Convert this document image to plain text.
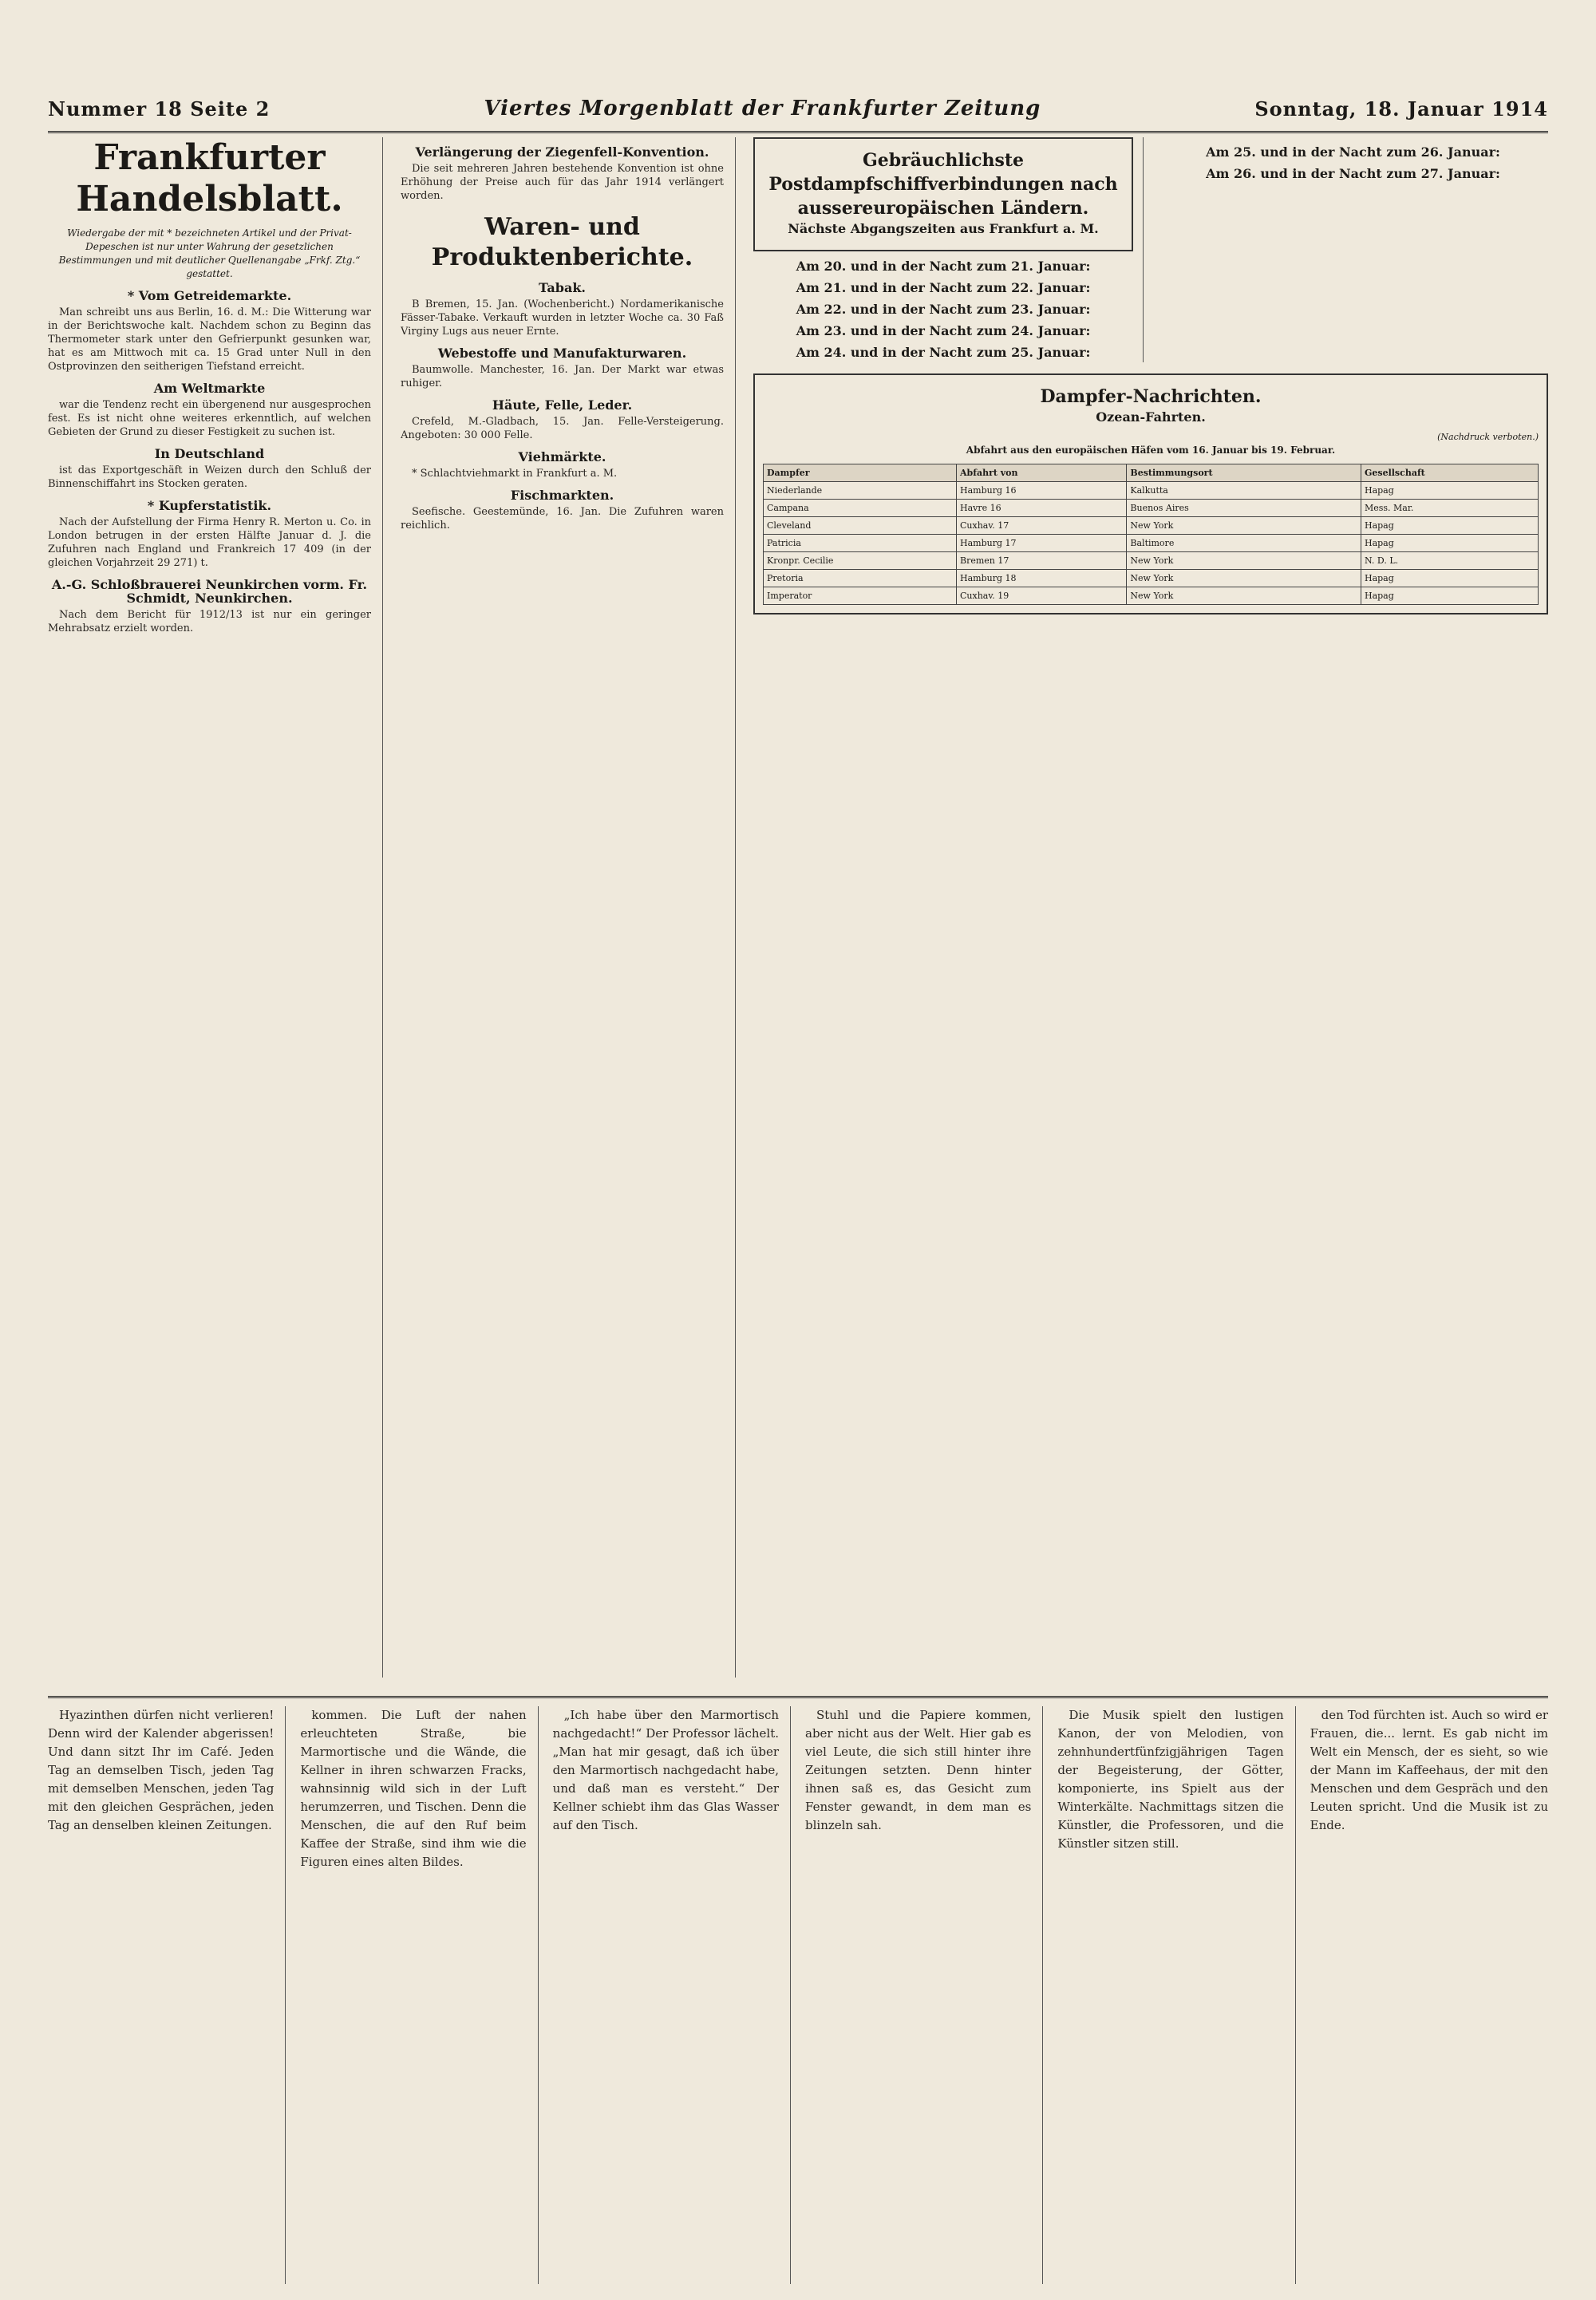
Nummer 18 Seite 2	Viertes Morgenblatt der Frankfurter Zeitung	Sonntag, 18. Januar 1914
Frankfurter Handelsblatt.
Wiedergabe der mit * bezeichneten Artikel und der Privat-Depeschen ist nur unter Wahrung der gesetzlichen Bestimmungen und mit deutlicher Quellenangabe „Frkf. Ztg.“ gestattet.
* Vom Getreidemarkte.

Man schreibt uns aus Berlin, 16. d. M.: Die Witterung war in der Berichtswoche kalt. Nachdem schon zu Beginn das Thermometer stark unter den Gefrierpunkt gesunken war, hat es am Mittwoch mit ca. 15 Grad unter Null in den Ostprovinzen den seitherigen Tiefstand erreicht.

Am Weltmarkte

war die Tendenz recht ein übergenend nur ausgesprochen fest. Es ist nicht ohne weiteres erkenntlich, auf welchen Gebieten der Grund zu dieser Festigkeit zu suchen ist.

In Deutschland

ist das Exportgeschäft in Weizen durch den Schluß der Binnenschiffahrt ins Stocken geraten.

* Kupferstatistik.

Nach der Aufstellung der Firma Henry R. Merton u. Co. in London betrugen in der ersten Hälfte Januar d. J. die Zufuhren nach England und Frankreich 17 409 (in der gleichen Vorjahrzeit 29 271) t.

A.-G. Schloßbrauerei Neunkirchen vorm. Fr. Schmidt, Neunkirchen.

Nach dem Bericht für 1912/13 ist nur ein geringer Mehrabsatz erzielt worden.

Verlängerung der Ziegenfell-Konvention.

Die seit mehreren Jahren bestehende Konvention ist ohne Erhöhung der Preise auch für das Jahr 1914 verlängert worden.

Waren- und Produktenberichte.
Tabak.

B Bremen, 15. Jan. (Wochenbericht.) Nordamerikanische Fässer-Tabake. Verkauft wurden in letzter Woche ca. 30 Faß Virginy Lugs aus neuer Ernte.

Webestoffe und Manufakturwaren.

Baumwolle. Manchester, 16. Jan. Der Markt war etwas ruhiger.

Häute, Felle, Leder.

Crefeld, M.-Gladbach, 15. Jan. Felle-Versteigerung. Angeboten: 30 000 Felle.

Viehmärkte.

* Schlachtviehmarkt in Frankfurt a. M.

Fischmarkten.

Seefische. Geestemünde, 16. Jan. Die Zufuhren waren reichlich.

Gebräuchlichste Postdampfschiffverbindungen nach aussereuropäischen Ländern.
Nächste Abgangszeiten aus Frankfurt a. M.
Am 20. und in der Nacht zum 21. Januar:
Am 21. und in der Nacht zum 22. Januar:
Am 22. und in der Nacht zum 23. Januar:
Am 23. und in der Nacht zum 24. Januar:
Am 24. und in der Nacht zum 25. Januar:
Am 25. und in der Nacht zum 26. Januar:
Am 26. und in der Nacht zum 27. Januar:
Dampfer-Nachrichten.
Ozean-Fahrten.
(Nachdruck verboten.)
Abfahrt aus den europäischen Häfen vom 16. Januar bis 19. Februar.
Dampfer	Abfahrt von	Bestimmungsort	Gesellschaft
Niederlande	Hamburg 16	Kalkutta	Hapag
Campana	Havre 16	Buenos Aires	Mess. Mar.
Cleveland	Cuxhav. 17	New York	Hapag
Patricia	Hamburg 17	Baltimore	Hapag
Kronpr. Cecilie	Bremen 17	New York	N. D. L.
Pretoria	Hamburg 18	New York	Hapag
Imperator	Cuxhav. 19	New York	Hapag

Hyazinthen dürfen nicht verlieren! Denn wird der Kalender abgerissen! Und dann sitzt Ihr im Café. Jeden Tag an demselben Tisch, jeden Tag mit demselben Menschen, jeden Tag mit den gleichen Gesprächen, jeden Tag an denselben kleinen Zeitungen.

kommen. Die Luft der nahen erleuchteten Straße, bie Marmortische und die Wände, die Kellner in ihren schwarzen Fracks, wahnsinnig wild sich in der Luft herumzerren, und Tischen. Denn die Menschen, die auf den Ruf beim Kaffee der Straße, sind ihm wie die Figuren eines alten Bildes.

„Ich habe über den Marmortisch nachgedacht!“ Der Professor lächelt. „Man hat mir gesagt, daß ich über den Marmortisch nachgedacht habe, und daß man es versteht.“ Der Kellner schiebt ihm das Glas Wasser auf den Tisch.

Stuhl und die Papiere kommen, aber nicht aus der Welt. Hier gab es viel Leute, die sich still hinter ihre Zeitungen setzten. Denn hinter ihnen saß es, das Gesicht zum Fenster gewandt, in dem man es blinzeln sah.

Die Musik spielt den lustigen Kanon, der von Melodien, von zehnhundertfünfzigjährigen Tagen der Begeisterung, der Götter, komponierte, ins Spielt aus der Winterkälte. Nachmittags sitzen die Künstler, die Professoren, und die Künstler sitzen still.

den Tod fürchten ist. Auch so wird er Frauen, die... lernt. Es gab nicht im Welt ein Mensch, der es sieht, so wie der Mann im Kaffeehaus, der mit den Menschen und dem Gespräch und den Leuten spricht. Und die Musik ist zu Ende.
